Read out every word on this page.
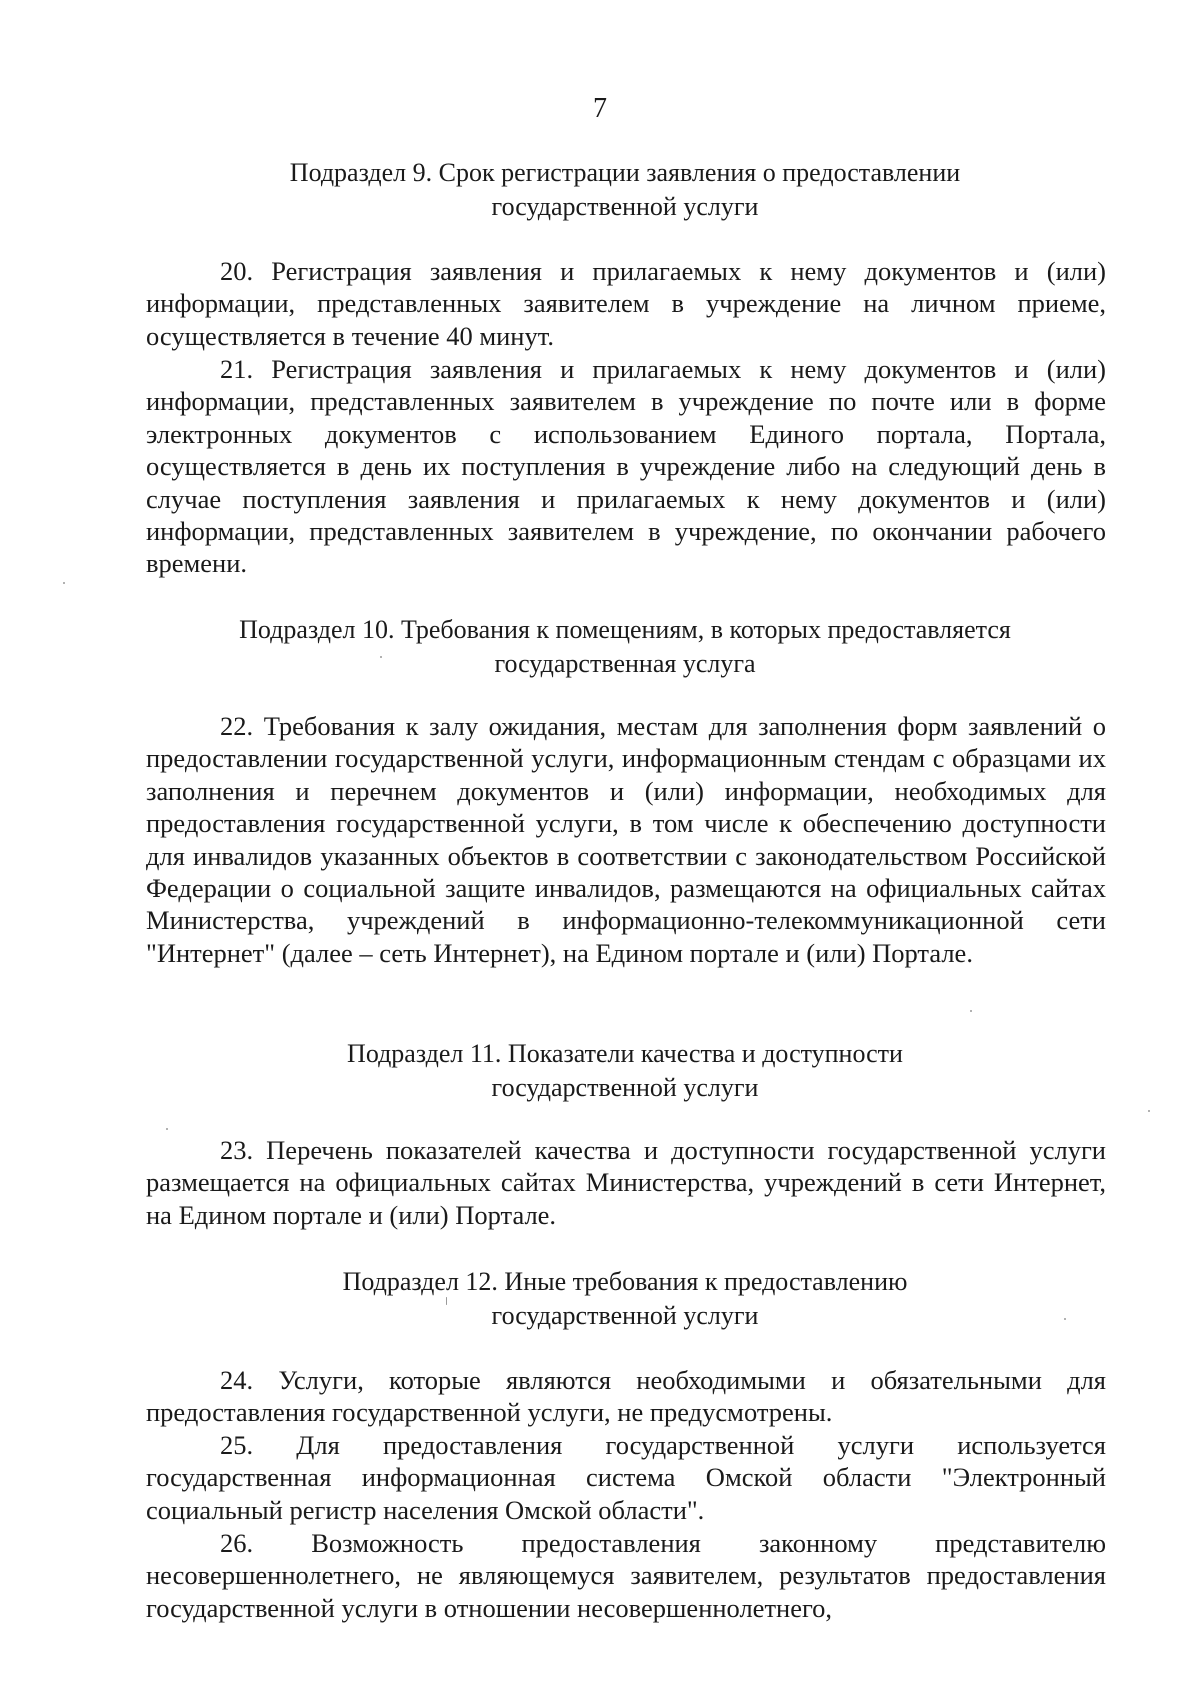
7
Подраздел 9. Срок регистрации заявления о предоставлении
государственной услуги
20. Регистрация заявления и прилагаемых к нему документов и (или) информации, представленных заявителем в учреждение на личном приеме, осуществляется в течение 40 минут.
21. Регистрация заявления и прилагаемых к нему документов и (или) информации, представленных заявителем в учреждение по почте или в форме электронных документов с использованием Единого портала, Портала, осуществляется в день их поступления в учреждение либо на следующий день в случае поступления заявления и прилагаемых к нему документов и (или) информации, представленных заявителем в учреждение, по окончании рабочего времени.
Подраздел 10. Требования к помещениям, в которых предоставляется
государственная услуга
22. Требования к залу ожидания, местам для заполнения форм заявлений о предоставлении государственной услуги, информационным стендам с образцами их заполнения и перечнем документов и (или) информации, необходимых для предоставления государственной услуги, в том числе к обеспечению доступности для инвалидов указанных объектов в соответствии с законодательством Российской Федерации о социальной защите инвалидов, размещаются на официальных сайтах Министерства, учреждений в информационно-телекоммуникационной сети "Интернет" (далее – сеть Интернет), на Едином портале и (или) Портале.
Подраздел 11. Показатели качества и доступности
государственной услуги
23. Перечень показателей качества и доступности государственной услуги размещается на официальных сайтах Министерства, учреждений в сети Интернет, на Едином портале и (или) Портале.
Подраздел 12. Иные требования к предоставлению
государственной услуги
24. Услуги, которые являются необходимыми и обязательными для предоставления государственной услуги, не предусмотрены.
25. Для предоставления государственной услуги используется государственная информационная система Омской области "Электронный социальный регистр населения Омской области".
26. Возможность предоставления законному представителю несовершеннолетнего, не являющемуся заявителем, результатов предоставления государственной услуги в отношении несовершеннолетнего,
